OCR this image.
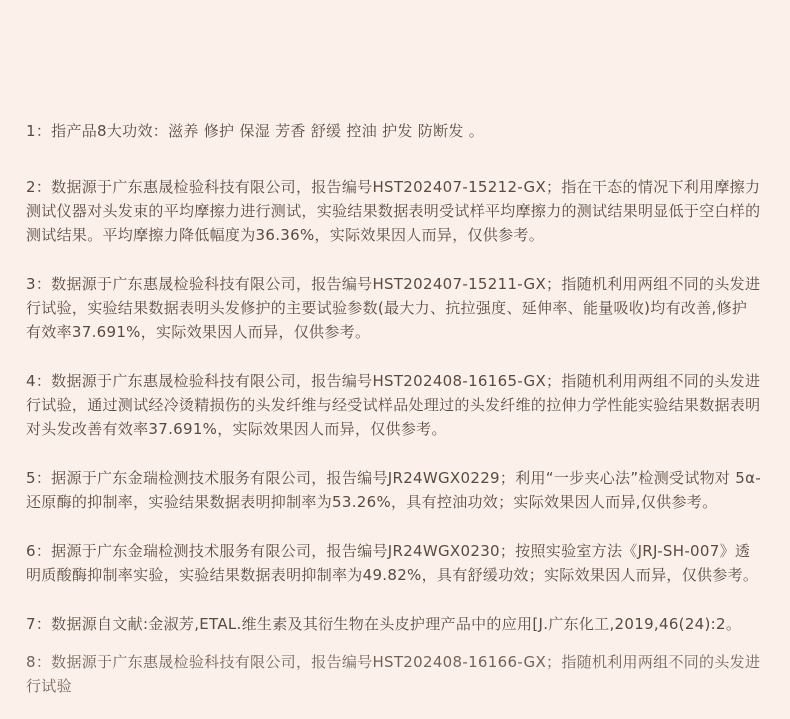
1：指产品8大功效：滋养 修护 保湿 芳香 舒缓 控油 护发 防断发 。

2：数据源于广东惠晟检验科技有限公司，报告编号HST202407-15212-GX；指在干态的情况下利用摩擦力测试仪器对头发束的平均摩擦力进行测试，实验结果数据表明受试样平均摩擦力的测试结果明显低于空白样的测试结果。平均摩擦力降低幅度为36.36%，实际效果因人而异，仅供参考。

3：数据源于广东惠晟检验科技有限公司，报告编号HST202407-15211-GX；指随机利用两组不同的头发进行试验，实验结果数据表明头发修护的主要试验参数(最大力、抗拉强度、延伸率、能量吸收)均有改善,修护有效率37.691%，实际效果因人而异，仅供参考。

4：数据源于广东惠晟检验科技有限公司，报告编号HST202408-16165-GX；指随机利用两组不同的头发进行试验，通过测试经冷烫精损伤的头发纤维与经受试样品处理过的头发纤维的拉伸力学性能实验结果数据表明对头发改善有效率37.691%，实际效果因人而异，仅供参考。

5：据源于广东金瑞检测技术服务有限公司，报告编号JR24WGX0229；利用“一步夹心法”检测受试物对 5α-还原酶的抑制率，实验结果数据表明抑制率为53.26%，具有控油功效；实际效果因人而异,仅供参考。

6：据源于广东金瑞检测技术服务有限公司，报告编号JR24WGX0230；按照实验室方法《JRJ-SH-007》透明质酸酶抑制率实验，实验结果数据表明抑制率为49.82%，具有舒缓功效；实际效果因人而异，仅供参考。

7：数据源自文献:金淑芳,ETAL.维生素及其衍生物在头皮护理产品中的应用[J.广东化工,2019,46(24):2。

8：数据源于广东惠晟检验科技有限公司，报告编号HST202408-16166-GX；指随机利用两组不同的头发进行试验
